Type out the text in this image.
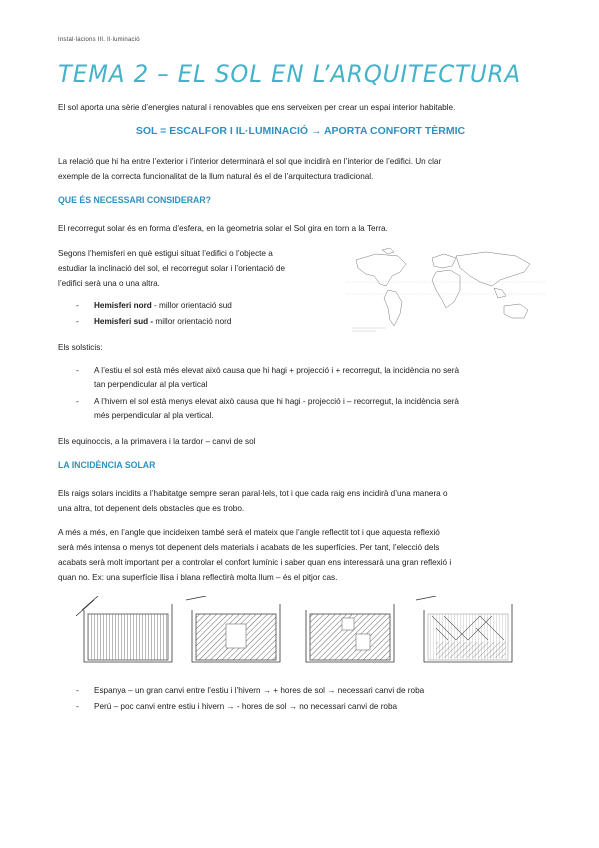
Instal·lacions III. Il·luminació
TEMA 2 – EL SOL EN L’ARQUITECTURA
El sol aporta una sèrie d’energies natural i renovables que ens serveixen per crear un espai interior habitable.
SOL = ESCALFOR I IL·LUMINACIÓ → APORTA CONFORT TÈRMIC
La relació que hi ha entre l’exterior i l’interior determinarà el sol que incidirà en l’interior de l’edifici. Un clar
exemple de la correcta funcionalitat de la llum natural és el de l’arquitectura tradicional.
QUE ÉS NECESSARI CONSIDERAR?
El recorregut solar és en forma d’esfera, en la geometria solar el Sol gira en torn a la Terra.
Segons l’hemisferi en què estigui situat l’edifici o l’objecte a
estudiar la inclinació del sol, el recorregut solar i l’orientació de
l’edifici serà una o una altra.
- Hemisferi nord - millor orientació sud
- Hemisferi sud - millor orientació nord
Els solsticis:
- A l’estiu el sol està més elevat això causa que hi hagi + projecció i + recorregut, la incidència no serà
tan perpendicular al pla vertical
- A l’hivern el sol està menys elevat això causa que hi hagi - projecció i – recorregut, la incidència serà
més perpendicular al pla vertical.
Els equinoccis, a la primavera i la tardor – canvi de sol
LA INCIDÈNCIA SOLAR
Els raigs solars incidits a l’habitatge sempre seran paral·lels, tot i que cada raig ens incidirà d’una manera o
una altra, tot depenent dels obstacles que es trobo.
A més a més, en l’angle que incideixen també serà el mateix que l’angle reflectit tot i que aquesta reflexió
serà més intensa o menys tot depenent dels materials i acabats de les superfícies. Per tant, l’elecció dels
acabats serà molt important per a controlar el confort lumínic i saber quan ens interessarà una gran reflexió i
quan no. Ex: una superfície llisa i blana reflectirà molta llum – és el pitjor cas.
- Espanya – un gran canvi entre l’estiu i l’hivern → + hores de sol → necessari canvi de roba
- Perú – poc canvi entre estiu i hivern → - hores de sol → no necessari canvi de roba
